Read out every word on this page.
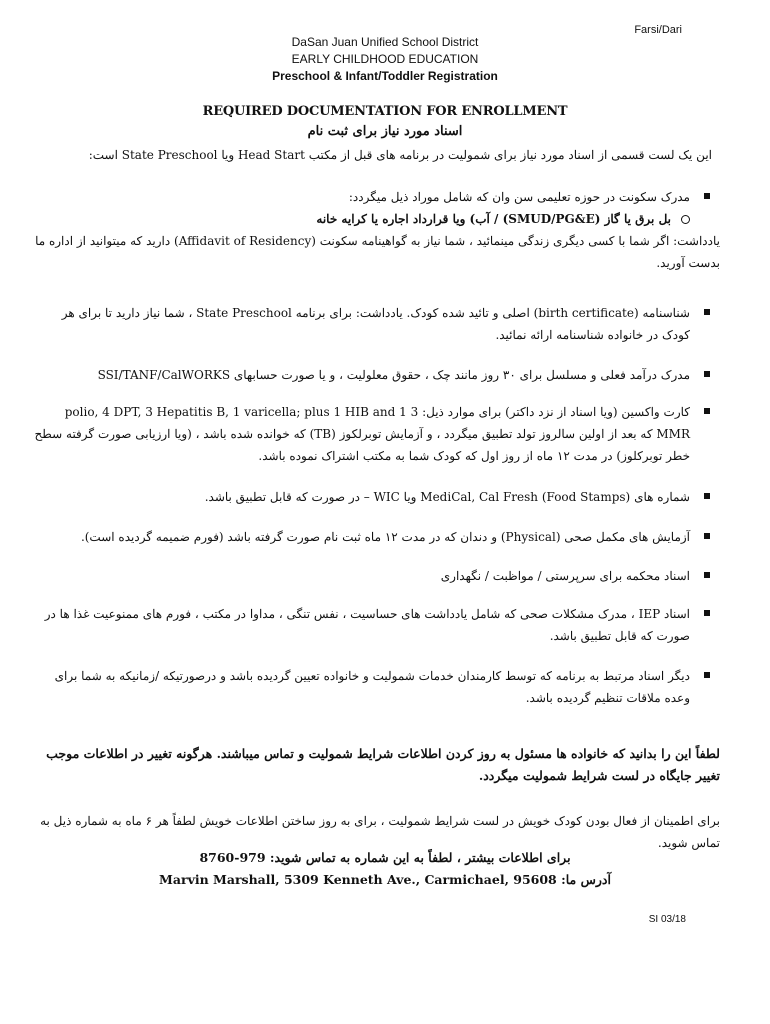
Farsi/Dari
DaSan Juan Unified School District
EARLY CHILDHOOD EDUCATION
Preschool & Infant/Toddler Registration
REQUIRED DOCUMENTATION FOR ENROLLMENT
اسناد مورد نیاز برای ثبت نام
این یک لست قسمی از اسناد مورد نیاز برای شمولیت در برنامه های قبل از مکتب Head Start ویا State Preschool است:
مدرک سکونت در حوزه تعلیمی سن وان که شامل موراد ذیل میگردد:
بل برق یا گاز (SMUD/PG&E) / آب) ویا قرارداد اجاره یا کرایه خانه
یادداشت: اگر شما با کسی دیگری زندگی مینمائید ، شما نیاز به گواهینامه سکونت (Affidavit of Residency) دارید که میتوانید از اداره ما بدست آورید.
شناسنامه (birth certificate) اصلی و تائید شده کودک. یادداشت: برای برنامه State Preschool ، شما نیاز دارید تا برای هر کودک در خانواده شناسنامه ارائه نمائید.
مدرک درآمد فعلی و مسلسل برای ۳۰ روز مانند چک ، حقوق معلولیت ، و یا صورت حسابهای SSI/TANF/CalWORKS
کارت واکسین (ویا اسناد از نزد داکتر) برای موارد ذیل: 3 polio, 4 DPT, 3 Hepatitis B, 1 varicella; plus 1 HIB and 1 MMR که بعد از اولین سالروز تولد تطبیق میگردد ، و آزمایش توبرلکوز (TB) که خوانده شده باشد ، (ویا ارزیابی صورت گرفته سطح خطر توبرکلوز) در مدت ۱۲ ماه از روز اول که کودک شما به مکتب اشتراک نموده باشد.
شماره های MediCal, Cal Fresh (Food Stamps) ویا WIC – در صورت که قابل تطبیق باشد.
آزمایش های مکمل صحی (Physical) و دندان که در مدت ۱۲ ماه ثبت نام صورت گرفته باشد (فورم ضمیمه گردیده است).
اسناد محکمه برای سرپرستی / مواظبت / نگهداری
اسناد IEP ، مدرک مشکلات صحی که شامل یادداشت های حساسیت ، نفس تنگی ، مداوا در مکتب ، فورم های ممنوعیت غذا ها در صورت که قابل تطبیق باشد.
دیگر اسناد مرتبط به برنامه که توسط کارمندان خدمات شمولیت و خانواده تعیین گردیده باشد و درصورتیکه /زمانیکه به شما برای وعده ملاقات تنظیم گردیده باشد.
لطفاً این را بدانید که خانواده ها مسئول به روز کردن اطلاعات شرایط شمولیت و تماس میباشند. هرگونه تغییر در اطلاعات موجب تغییر جایگاه در لست شرایط شمولیت میگردد.
برای اطمینان از فعال بودن کودک خویش در لست شرایط شمولیت ، برای به روز ساختن اطلاعات خویش لطفاً هر ۶ ماه به شماره ذیل به تماس شوید.
برای اطلاعات بیشتر ، لطفاً به این شماره به تماس شوید: 979-8760
آدرس ما: Marvin Marshall, 5309 Kenneth Ave., Carmichael, 95608
SI 03/18
